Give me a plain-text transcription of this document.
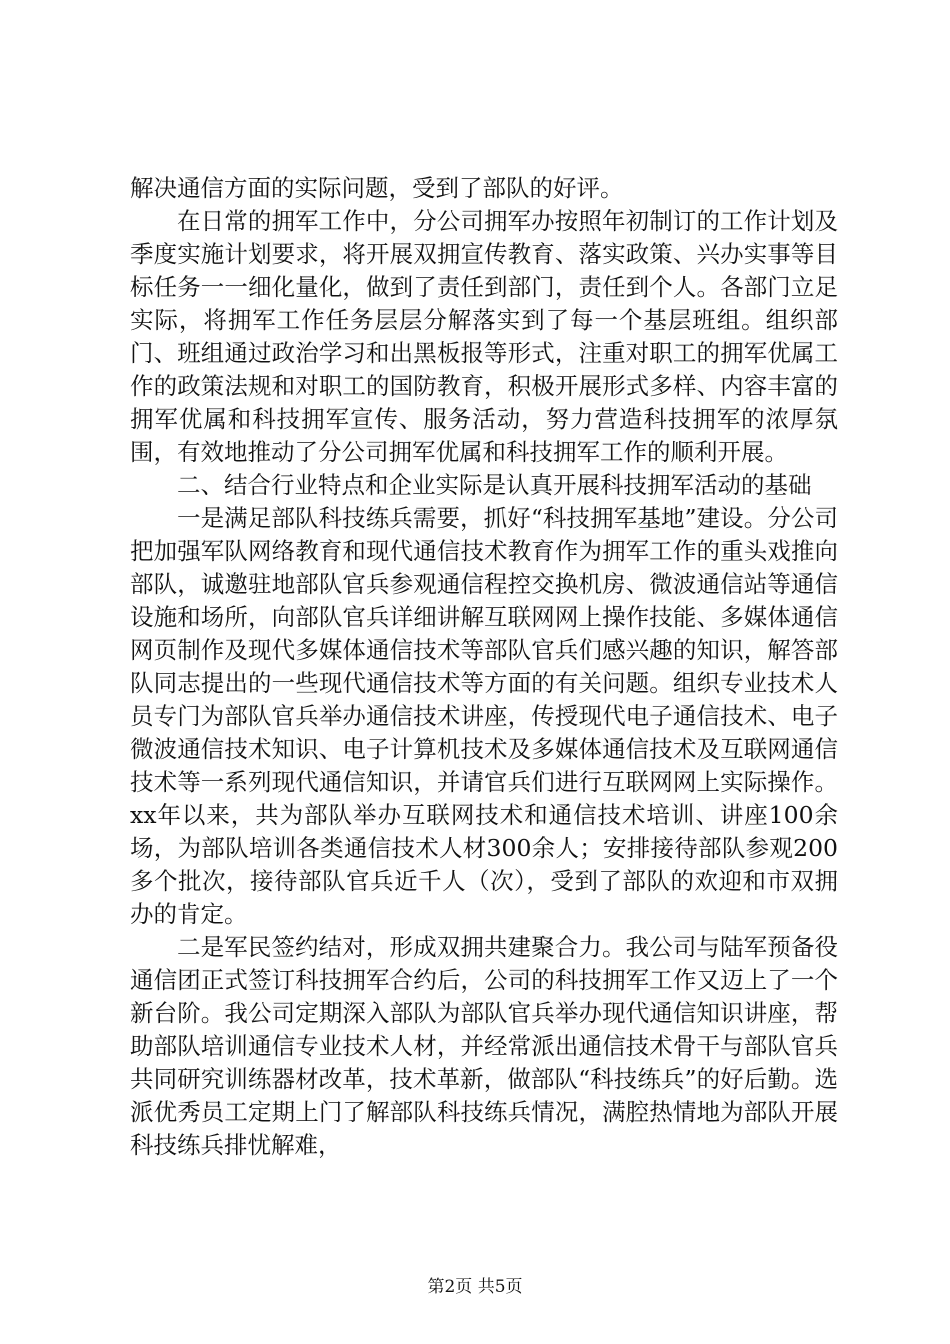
解决通信方面的实际问题，受到了部队的好评。

在日常的拥军工作中，分公司拥军办按照年初制订的工作计划及季度实施计划要求，将开展双拥宣传教育、落实政策、兴办实事等目标任务一一细化量化，做到了责任到部门，责任到个人。各部门立足实际，将拥军工作任务层层分解落实到了每一个基层班组。组织部门、班组通过政治学习和出黑板报等形式，注重对职工的拥军优属工作的政策法规和对职工的国防教育，积极开展形式多样、内容丰富的拥军优属和科技拥军宣传、服务活动，努力营造科技拥军的浓厚氛围，有效地推动了分公司拥军优属和科技拥军工作的顺利开展。

二、结合行业特点和企业实际是认真开展科技拥军活动的基础

一是满足部队科技练兵需要，抓好“科技拥军基地”建设。分公司把加强军队网络教育和现代通信技术教育作为拥军工作的重头戏推向部队，诚邀驻地部队官兵参观通信程控交换机房、微波通信站等通信设施和场所，向部队官兵详细讲解互联网网上操作技能、多媒体通信网页制作及现代多媒体通信技术等部队官兵们感兴趣的知识，解答部队同志提出的一些现代通信技术等方面的有关问题。组织专业技术人员专门为部队官兵举办通信技术讲座，传授现代电子通信技术、电子微波通信技术知识、电子计算机技术及多媒体通信技术及互联网通信技术等一系列现代通信知识，并请官兵们进行互联网网上实际操作。xx年以来，共为部队举办互联网技术和通信技术培训、讲座100余场，为部队培训各类通信技术人材300余人；安排接待部队参观200多个批次，接待部队官兵近千人（次），受到了部队的欢迎和市双拥办的肯定。

二是军民签约结对，形成双拥共建聚合力。我公司与陆军预备役通信团正式签订科技拥军合约后，公司的科技拥军工作又迈上了一个新台阶。我公司定期深入部队为部队官兵举办现代通信知识讲座，帮助部队培训通信专业技术人材，并经常派出通信技术骨干与部队官兵共同研究训练器材改革，技术革新，做部队“科技练兵”的好后勤。选派优秀员工定期上门了解部队科技练兵情况，满腔热情地为部队开展科技练兵排忧解难，

第2页 共5页
